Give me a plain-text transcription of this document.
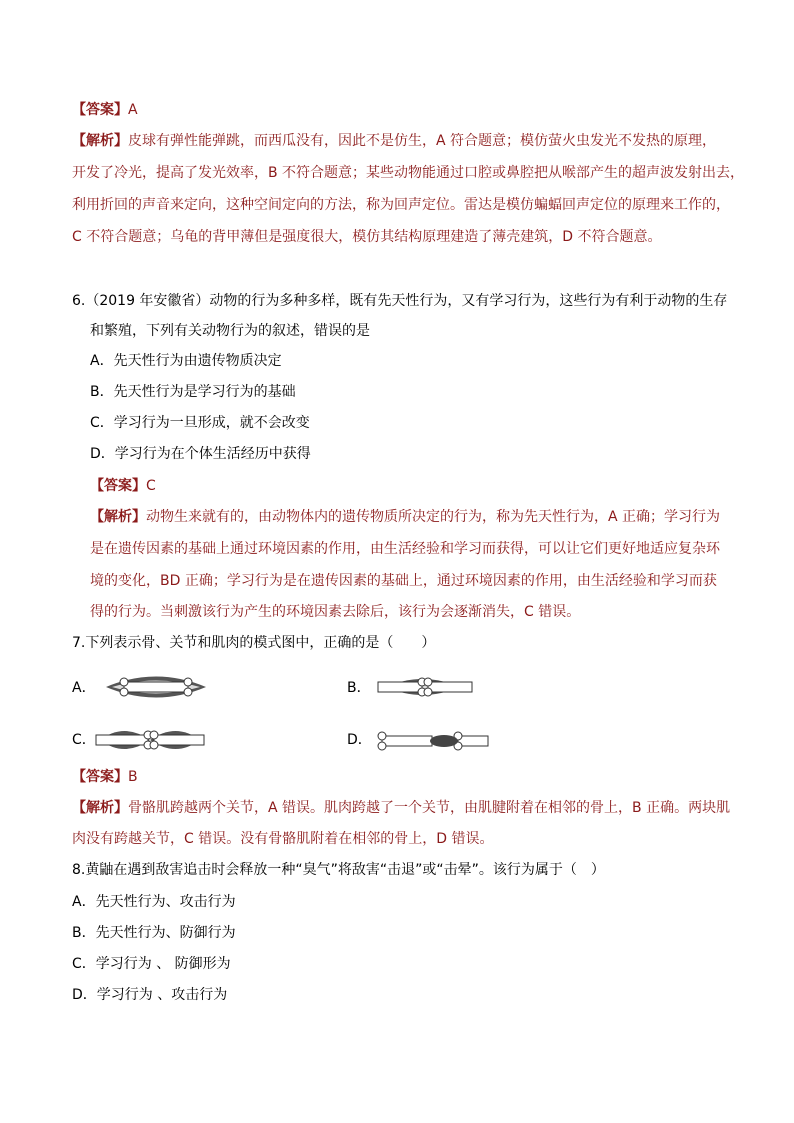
【答案】A
【解析】皮球有弹性能弹跳，而西瓜没有，因此不是仿生，A 符合题意；模仿萤火虫发光不发热的原理，
开发了冷光，提高了发光效率，B 不符合题意；某些动物能通过口腔或鼻腔把从喉部产生的超声波发射出去，
利用折回的声音来定向，这种空间定向的方法，称为回声定位。雷达是模仿蝙蝠回声定位的原理来工作的，
C 不符合题意；乌龟的背甲薄但是强度很大，模仿其结构原理建造了薄壳建筑，D 不符合题意。
6.（2019 年安徽省）动物的行为多种多样，既有先天性行为，又有学习行为，这些行为有利于动物的生存
和繁殖，下列有关动物行为的叙述，错误的是
A．先天性行为由遗传物质决定
B．先天性行为是学习行为的基础
C．学习行为一旦形成，就不会改变
D．学习行为在个体生活经历中获得
【答案】C
【解析】动物生来就有的，由动物体内的遗传物质所决定的行为，称为先天性行为，A 正确；学习行为
是在遗传因素的基础上通过环境因素的作用，由生活经验和学习而获得，可以让它们更好地适应复杂环
境的变化，BD 正确；学习行为是在遗传因素的基础上，通过环境因素的作用，由生活经验和学习而获
得的行为。当刺激该行为产生的环境因素去除后，该行为会逐渐消失，C 错误。
7.下列表示骨、关节和肌肉的模式图中，正确的是（　　）
A．	B．
C．	D．
【答案】B
【解析】骨骼肌跨越两个关节，A 错误。肌肉跨越了一个关节，由肌腱附着在相邻的骨上，B 正确。两块肌
肉没有跨越关节，C 错误。没有骨骼肌附着在相邻的骨上，D 错误。
8.黄鼬在遇到敌害追击时会释放一种“臭气”将敌害“击退”或“击晕”。该行为属于（　）
A．先天性行为、攻击行为
B．先天性行为、防御行为
C．学习行为 、 防御形为
D．学习行为 、攻击行为
